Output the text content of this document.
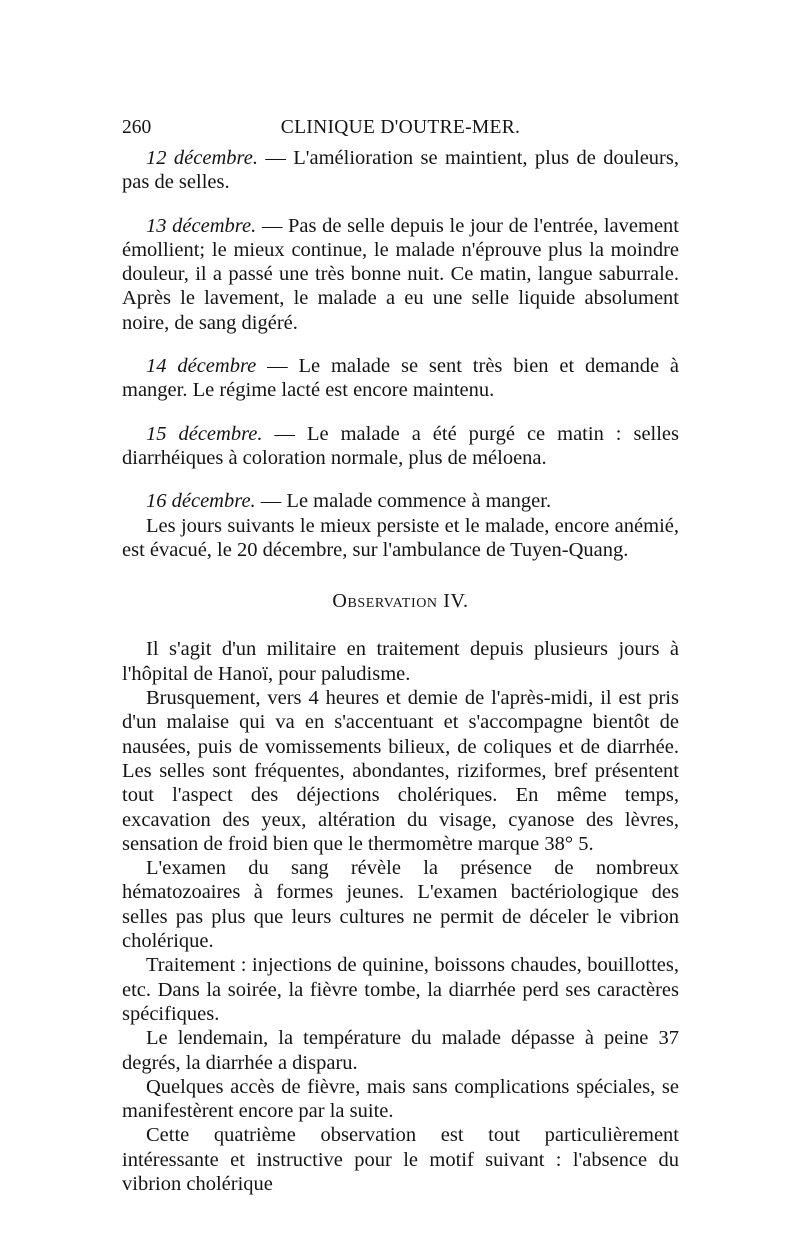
260	CLINIQUE D'OUTRE-MER.

12 décembre. — L'amélioration se maintient, plus de douleurs, pas de selles.

13 décembre. — Pas de selle depuis le jour de l'entrée, lavement émollient; le mieux continue, le malade n'éprouve plus la moindre douleur, il a passé une très bonne nuit. Ce matin, langue saburrale. Après le lavement, le malade a eu une selle liquide absolument noire, de sang digéré.

14 décembre — Le malade se sent très bien et demande à manger. Le régime lacté est encore maintenu.

15 décembre. — Le malade a été purgé ce matin : selles diarrhéiques à coloration normale, plus de méloena.

16 décembre. — Le malade commence à manger.

Les jours suivants le mieux persiste et le malade, encore anémié, est évacué, le 20 décembre, sur l'ambulance de Tuyen-Quang.

Observation IV.

Il s'agit d'un militaire en traitement depuis plusieurs jours à l'hôpital de Hanoï, pour paludisme.

Brusquement, vers 4 heures et demie de l'après-midi, il est pris d'un malaise qui va en s'accentuant et s'accompagne bientôt de nausées, puis de vomissements bilieux, de coliques et de diarrhée. Les selles sont fréquentes, abondantes, riziformes, bref présentent tout l'aspect des déjections cholériques. En même temps, excavation des yeux, altération du visage, cyanose des lèvres, sensation de froid bien que le thermomètre marque 38° 5.

L'examen du sang révèle la présence de nombreux hématozoaires à formes jeunes. L'examen bactériologique des selles pas plus que leurs cultures ne permit de déceler le vibrion cholérique.

Traitement : injections de quinine, boissons chaudes, bouillottes, etc. Dans la soirée, la fièvre tombe, la diarrhée perd ses caractères spécifiques.

Le lendemain, la température du malade dépasse à peine 37 degrés, la diarrhée a disparu.

Quelques accès de fièvre, mais sans complications spéciales, se manifestèrent encore par la suite.

Cette quatrième observation est tout particulièrement intéressante et instructive pour le motif suivant : l'absence du vibrion cholérique
